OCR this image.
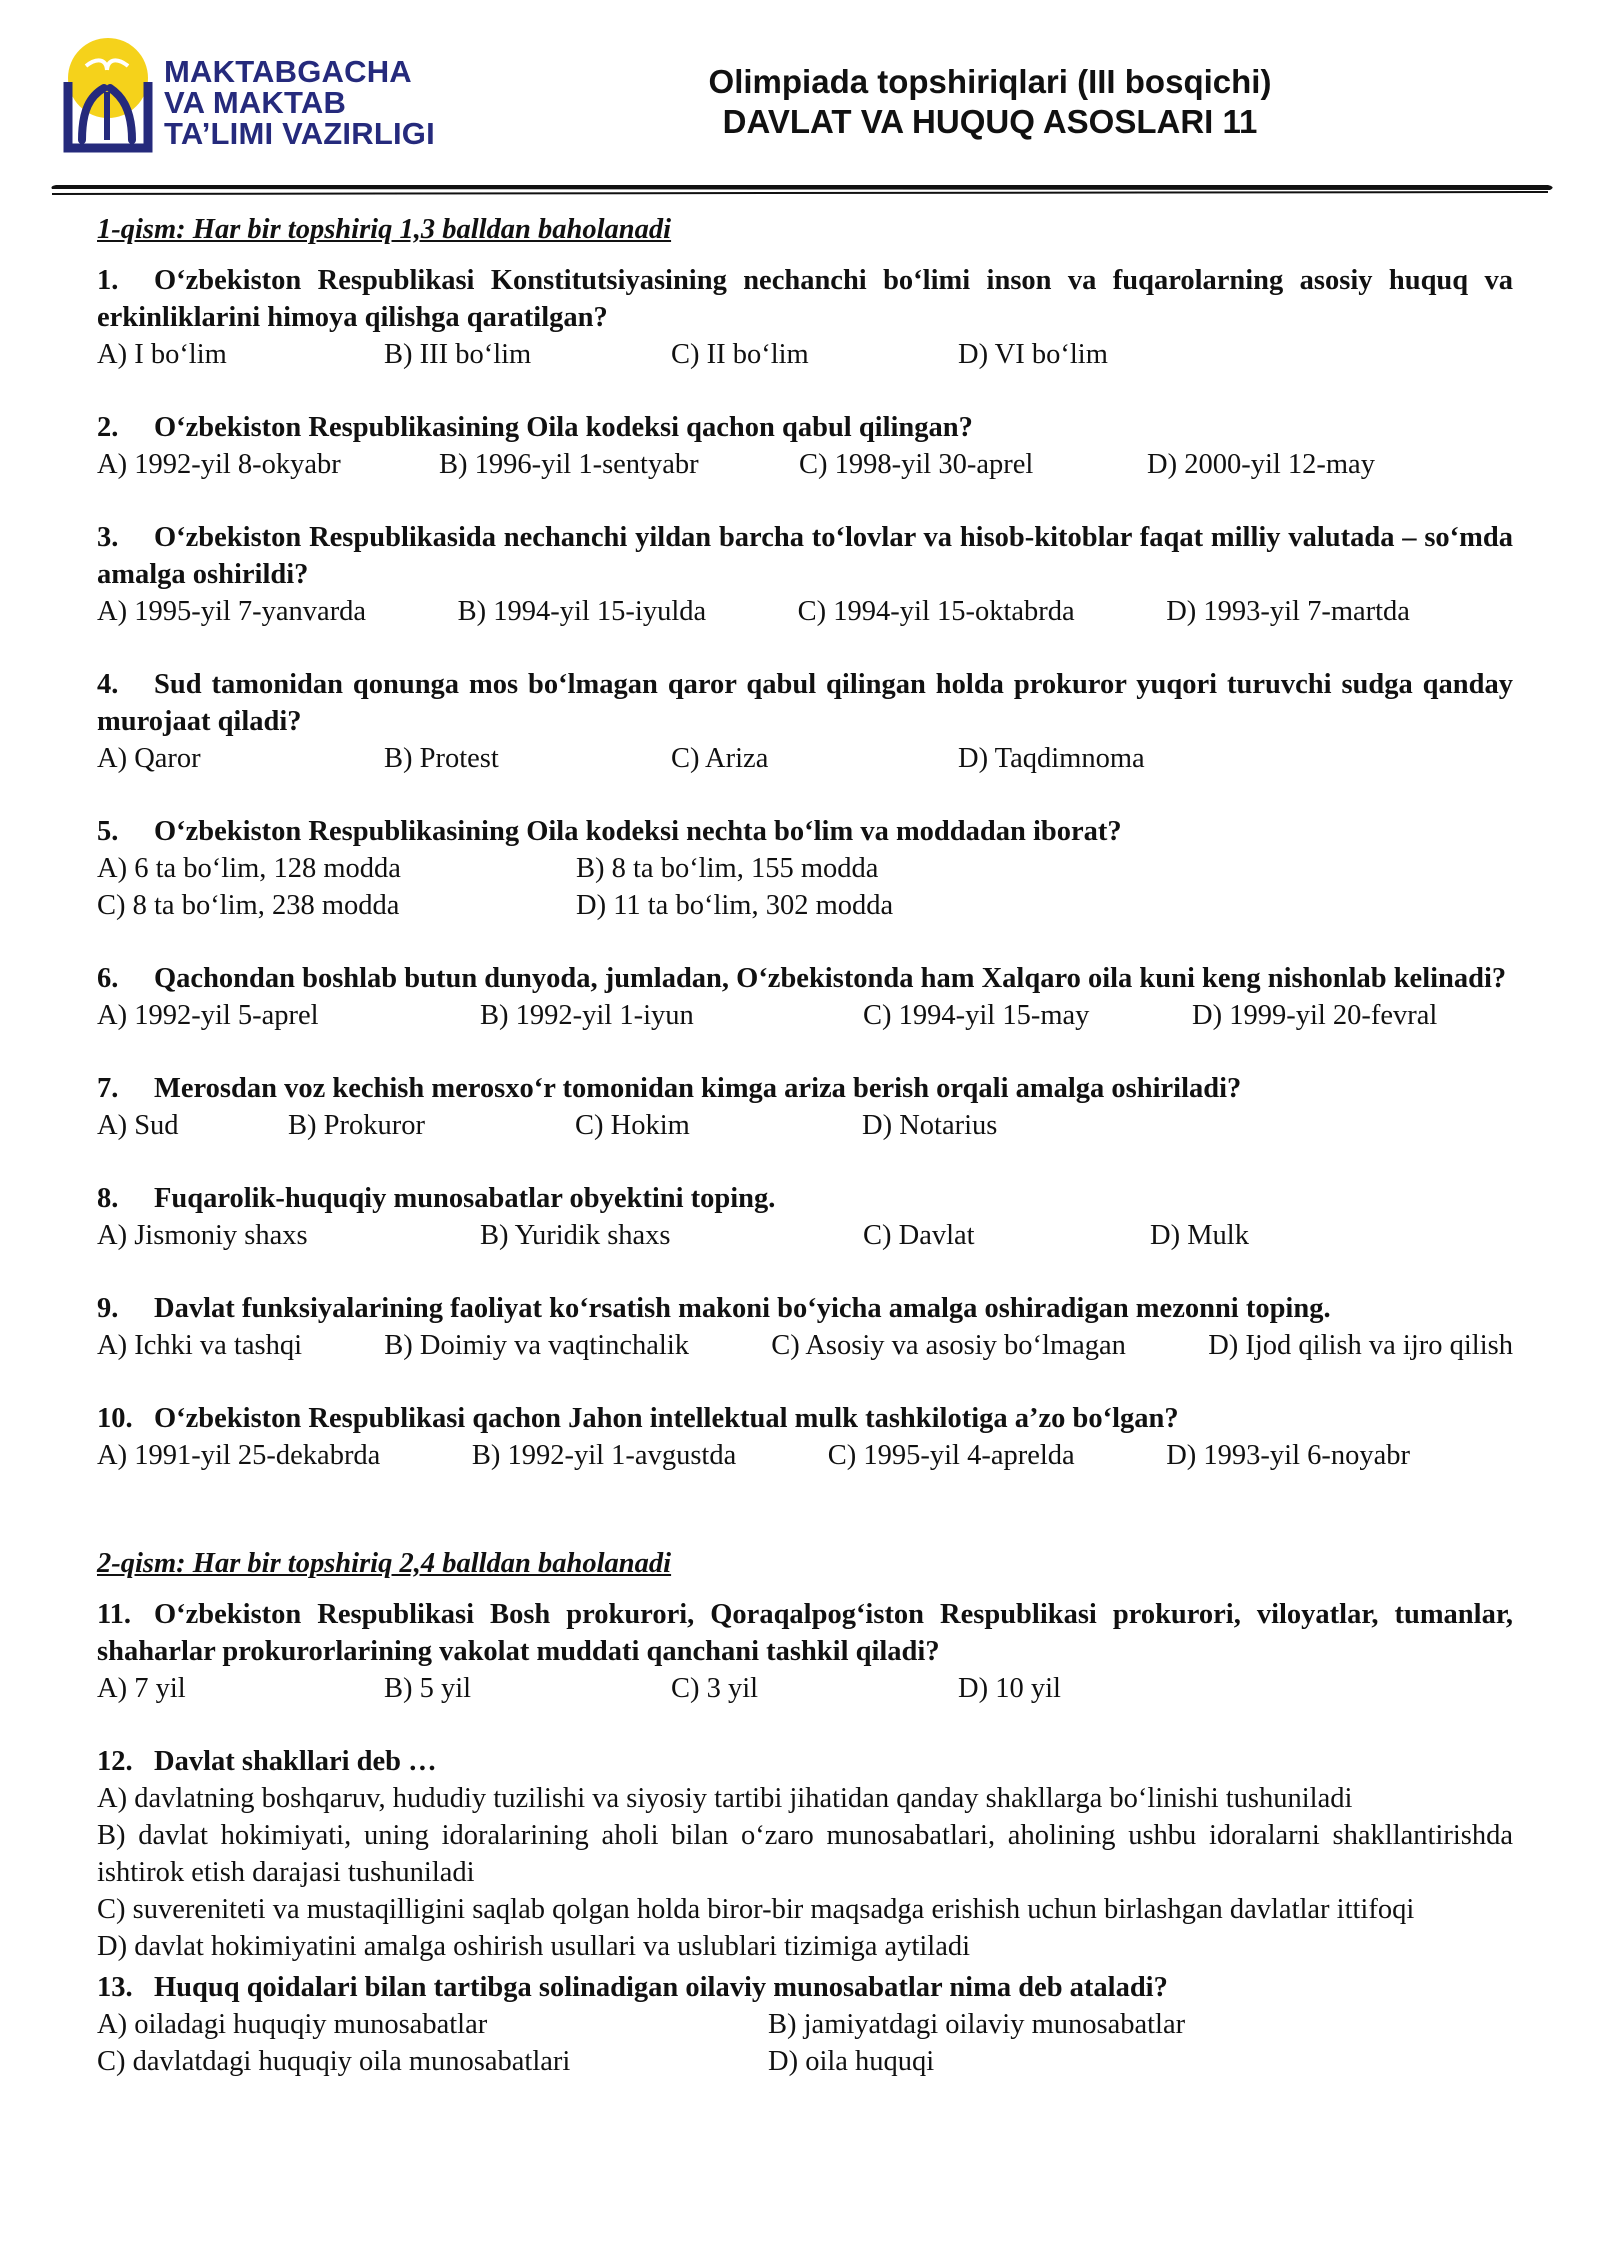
MAKTABGACHA
VA MAKTAB
TA’LIMI VAZIRLIGI
Olimpiada topshiriqlari (III bosqichi)
DAVLAT VA HUQUQ ASOSLARI 11
1-qism: Har bir topshiriq 1,3 balldan baholanadi
1. O‘zbekiston Respublikasi Konstitutsiyasining nechanchi bo‘limi inson va fuqarolarning asosiy huquq va erkinliklarini himoya qilishga qaratilgan?
A) I bo‘lim	B) III bo‘lim	C) II bo‘lim	D) VI bo‘lim
2. O‘zbekiston Respublikasining Oila kodeksi qachon qabul qilingan?
A) 1992-yil 8-okyabr	B) 1996-yil 1-sentyabr	C) 1998-yil 30-aprel	D) 2000-yil 12-may
3. O‘zbekiston Respublikasida nechanchi yildan barcha to‘lovlar va hisob-kitoblar faqat milliy valutada – so‘mda amalga oshirildi?
A) 1995-yil 7-yanvarda	B) 1994-yil 15-iyulda	C) 1994-yil 15-oktabrda	D) 1993-yil 7-martda
4. Sud tamonidan qonunga mos bo‘lmagan qaror qabul qilingan holda prokuror yuqori turuvchi sudga qanday murojaat qiladi?
A) Qaror	B) Protest	C) Ariza	D) Taqdimnoma
5. O‘zbekiston Respublikasining Oila kodeksi nechta bo‘lim va moddadan iborat?
A) 6 ta bo‘lim, 128 modda	B) 8 ta bo‘lim, 155 modda
C) 8 ta bo‘lim, 238 modda	D) 11 ta bo‘lim, 302 modda
6. Qachondan boshlab butun dunyoda, jumladan, O‘zbekistonda ham Xalqaro oila kuni keng nishonlab kelinadi?
A) 1992-yil 5-aprel	B) 1992-yil 1-iyun	C) 1994-yil 15-may	D) 1999-yil 20-fevral
7. Merosdan voz kechish merosxo‘r tomonidan kimga ariza berish orqali amalga oshiriladi?
A) Sud	B) Prokuror	C) Hokim	D) Notarius
8. Fuqarolik-huquqiy munosabatlar obyektini toping.
A) Jismoniy shaxs	B) Yuridik shaxs	C) Davlat	D) Mulk
9. Davlat funksiyalarining faoliyat ko‘rsatish makoni bo‘yicha amalga oshiradigan mezonni toping.
A) Ichki va tashqi	B) Doimiy va vaqtinchalik	C) Asosiy va asosiy bo‘lmagan	D) Ijod qilish va ijro qilish
10. O‘zbekiston Respublikasi qachon Jahon intellektual mulk tashkilotiga a’zo bo‘lgan?
A) 1991-yil 25-dekabrda	B) 1992-yil 1-avgustda	C) 1995-yil 4-aprelda	D) 1993-yil 6-noyabr
2-qism: Har bir topshiriq 2,4 balldan baholanadi
11. O‘zbekiston Respublikasi Bosh prokurori, Qoraqalpog‘iston Respublikasi prokurori, viloyatlar, tumanlar, shaharlar prokurorlarining vakolat muddati qanchani tashkil qiladi?
A) 7 yil	B) 5 yil	C) 3 yil	D) 10 yil
12. Davlat shakllari deb …
A) davlatning boshqaruv, hududiy tuzilishi va siyosiy tartibi jihatidan qanday shakllarga bo‘linishi tushuniladi
B) davlat hokimiyati, uning idoralarining aholi bilan o‘zaro munosabatlari, aholining ushbu idoralarni shakllantirishda ishtirok etish darajasi tushuniladi
C) suvereniteti va mustaqilligini saqlab qolgan holda biror-bir maqsadga erishish uchun birlashgan davlatlar ittifoqi
D) davlat hokimiyatini amalga oshirish usullari va uslublari tizimiga aytiladi
13. Huquq qoidalari bilan tartibga solinadigan oilaviy munosabatlar nima deb ataladi?
A) oiladagi huquqiy munosabatlar	B) jamiyatdagi oilaviy munosabatlar
C) davlatdagi huquqiy oila munosabatlari	D) oila huquqi
